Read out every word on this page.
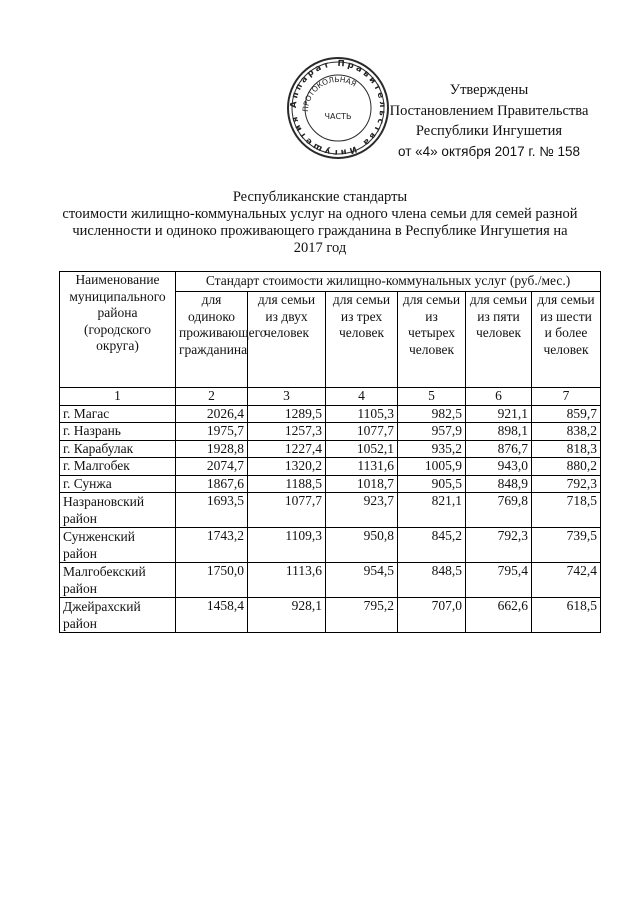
Утверждены
Постановлением Правительства
Республики Ингушетия
от «4» октября 2017 г. № 158
Аппарат Правительства Ингушетия
ПРОТОКОЛЬНАЯ
ЧАСТЬ
Республиканские стандарты
стоимости жилищно-коммунальных услуг на одного члена семьи для семей разной
численности и одиноко проживающего гражданина в Республике Ингушетия на
2017 год
Наименование муниципального района (городского округа)	Стандарт стоимости жилищно-коммунальных услуг (руб./мес.)					
	для одиноко проживающего гражданина	для семьи из двух человек	для семьи из трех человек	для семьи из четырех человек	для семьи из пяти человек	для семьи из шести и более человек
1	2	3	4	5	6	7
г. Магас	2026,4	1289,5	1105,3	982,5	921,1	859,7
г. Назрань	1975,7	1257,3	1077,7	957,9	898,1	838,2
г. Карабулак	1928,8	1227,4	1052,1	935,2	876,7	818,3
г. Малгобек	2074,7	1320,2	1131,6	1005,9	943,0	880,2
г. Сунжа	1867,6	1188,5	1018,7	905,5	848,9	792,3
Назрановский район	1693,5	1077,7	923,7	821,1	769,8	718,5
Сунженский район	1743,2	1109,3	950,8	845,2	792,3	739,5
Малгобекский район	1750,0	1113,6	954,5	848,5	795,4	742,4
Джейрахский район	1458,4	928,1	795,2	707,0	662,6	618,5
